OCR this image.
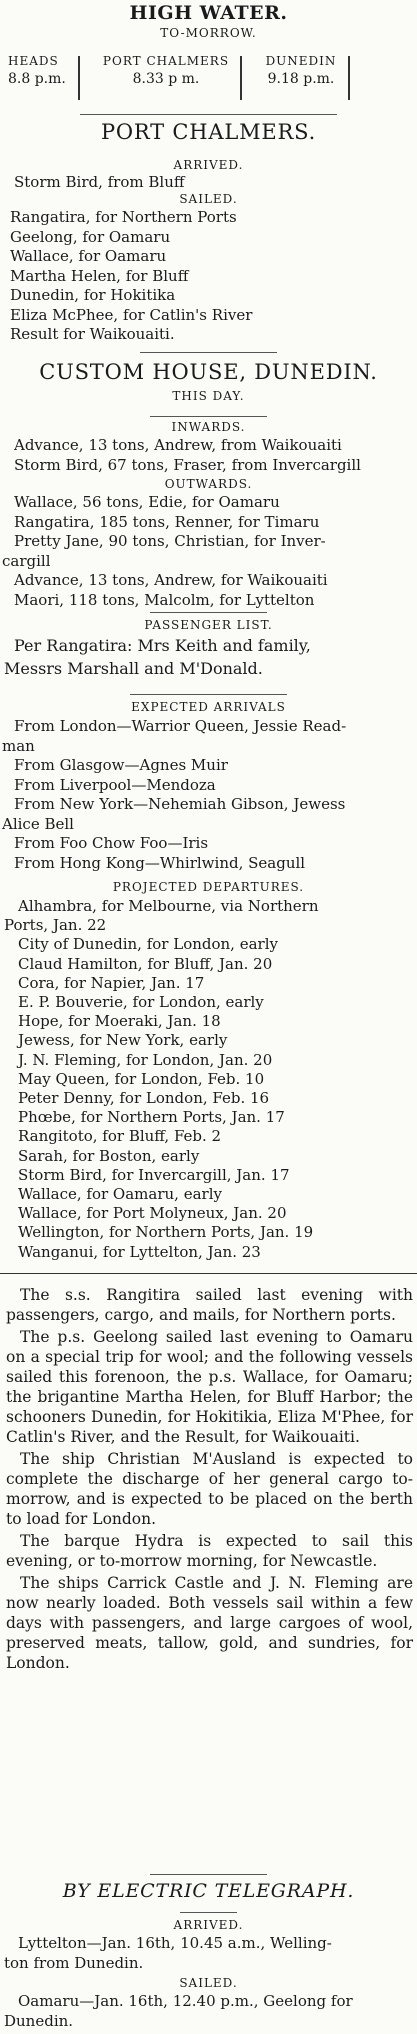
HIGH WATER.
TO-MORROW.
HEADS
8.8 p.m.
PORT CHALMERS
8.33 p m.
DUNEDIN
9.18 p.m.
PORT CHALMERS.
ARRIVED.
Storm Bird, from Bluff
SAILED.
Rangatira, for Northern Ports
Geelong, for Oamaru
Wallace, for Oamaru
Martha Helen, for Bluff
Dunedin, for Hokitika
Eliza McPhee, for Catlin's River
Result for Waikouaiti.
CUSTOM HOUSE, DUNEDIN.
THIS DAY.
INWARDS.
Advance, 13 tons, Andrew, from Waikouaiti
Storm Bird, 67 tons, Fraser, from Invercargill
OUTWARDS.
Wallace, 56 tons, Edie, for Oamaru
Rangatira, 185 tons, Renner, for Timaru
Pretty Jane, 90 tons, Christian, for Inver-
cargill
Advance, 13 tons, Andrew, for Waikouaiti
Maori, 118 tons, Malcolm, for Lyttelton
PASSENGER LIST.
Per Rangatira: Mrs Keith and family,
Messrs Marshall and M'Donald.
EXPECTED ARRIVALS
From London—Warrior Queen, Jessie Read-
man
From Glasgow—Agnes Muir
From Liverpool—Mendoza
From New York—Nehemiah Gibson, Jewess
Alice Bell
From Foo Chow Foo—Iris
From Hong Kong—Whirlwind, Seagull
PROJECTED DEPARTURES.
Alhambra, for Melbourne, via Northern
Ports, Jan. 22
City of Dunedin, for London, early
Claud Hamilton, for Bluff, Jan. 20
Cora, for Napier, Jan. 17
E. P. Bouverie, for London, early
Hope, for Moeraki, Jan. 18
Jewess, for New York, early
J. N. Fleming, for London, Jan. 20
May Queen, for London, Feb. 10
Peter Denny, for London, Feb. 16
Phœbe, for Northern Ports, Jan. 17
Rangitoto, for Bluff, Feb. 2
Sarah, for Boston, early
Storm Bird, for Invercargill, Jan. 17
Wallace, for Oamaru, early
Wallace, for Port Molyneux, Jan. 20
Wellington, for Northern Ports, Jan. 19
Wanganui, for Lyttelton, Jan. 23
The s.s. Rangitira sailed last evening with passengers, cargo, and mails, for Northern ports.
The p.s. Geelong sailed last evening to Oamaru on a special trip for wool; and the following vessels sailed this forenoon, the p.s. Wallace, for Oamaru; the brigantine Martha Helen, for Bluff Harbor; the schooners Dunedin, for Hokitikia, Eliza M'Phee, for Catlin's River, and the Result, for Waikouaiti.
The ship Christian M'Ausland is expected to complete the discharge of her general cargo to-morrow, and is expected to be placed on the berth to load for London.
The barque Hydra is expected to sail this evening, or to-morrow morning, for Newcastle.
The ships Carrick Castle and J. N. Fleming are now nearly loaded. Both vessels sail within a few days with passengers, and large cargoes of wool, preserved meats, tallow, gold, and sundries, for London.
BY ELECTRIC TELEGRAPH.
ARRIVED.
Lyttelton—Jan. 16th, 10.45 a.m., Welling-
ton from Dunedin.
SAILED.
Oamaru—Jan. 16th, 12.40 p.m., Geelong for
Dunedin.
